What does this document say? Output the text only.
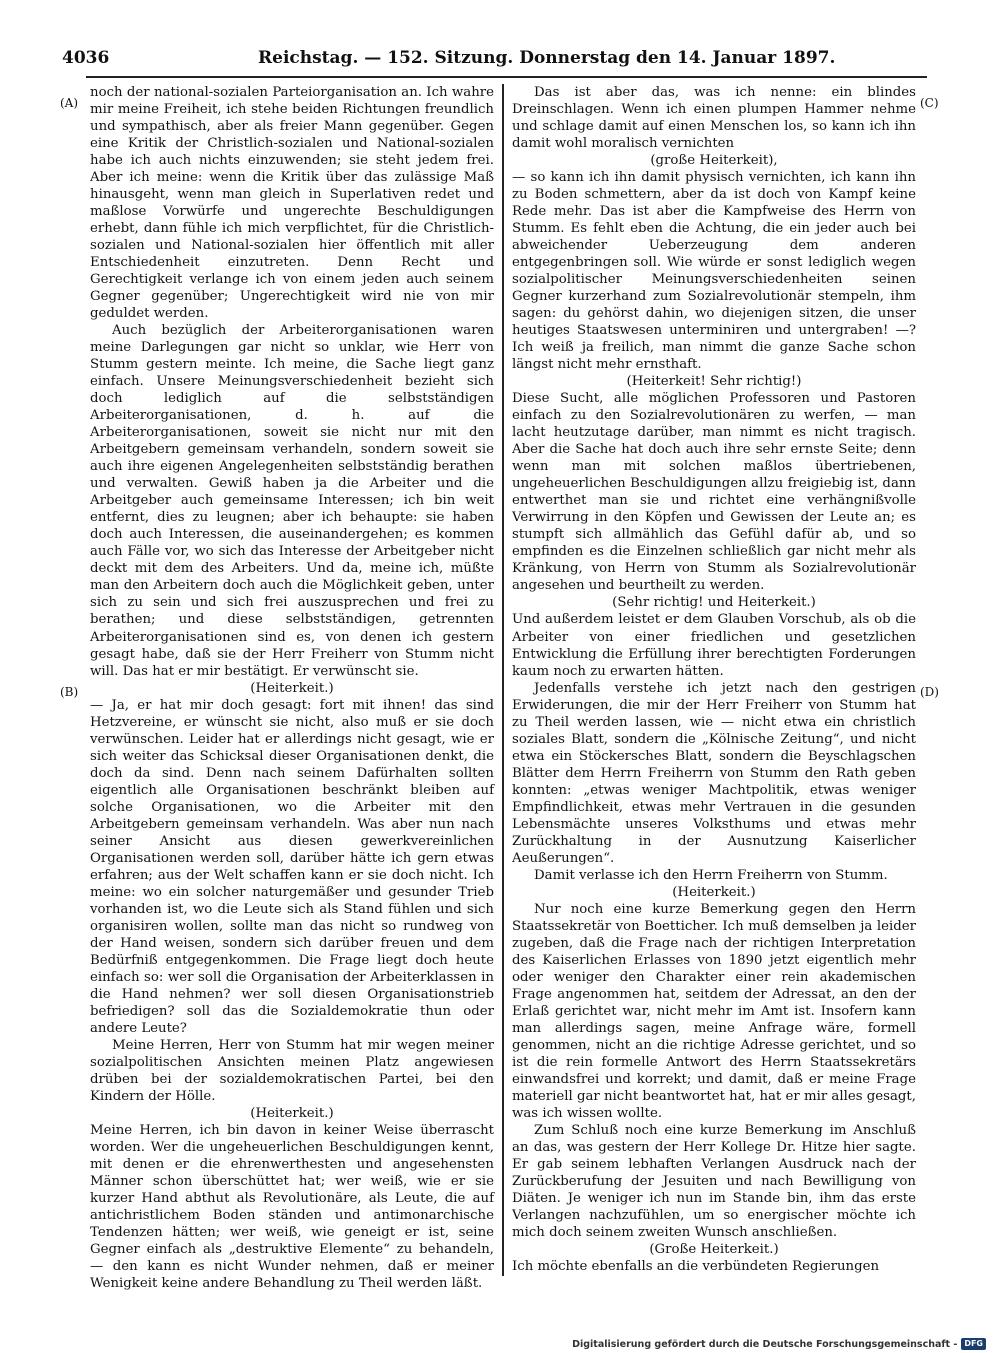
4036	Reichstag. — 152. Sitzung. Donnerstag den 14. Januar 1897.
(A)
(B)
(C)
(D)

noch der national-sozialen Parteiorganisation an. Ich wahre mir meine Freiheit, ich stehe beiden Richtungen freundlich und sympathisch, aber als freier Mann gegenüber. Gegen eine Kritik der Christlich-sozialen und National-sozialen habe ich auch nichts einzuwenden; sie steht jedem frei. Aber ich meine: wenn die Kritik über das zulässige Maß hinausgeht, wenn man gleich in Superlativen redet und maßlose Vorwürfe und ungerechte Beschuldigungen erhebt, dann fühle ich mich verpflichtet, für die Christlich-sozialen und National-sozialen hier öffentlich mit aller Entschiedenheit einzutreten. Denn Recht und Gerechtigkeit verlange ich von einem jeden auch seinem Gegner gegenüber; Ungerechtigkeit wird nie von mir geduldet werden.

Auch bezüglich der Arbeiterorganisationen waren meine Darlegungen gar nicht so unklar, wie Herr von Stumm gestern meinte. Ich meine, die Sache liegt ganz einfach. Unsere Meinungsverschiedenheit bezieht sich doch lediglich auf die selbstständigen Arbeiterorganisationen, d. h. auf die Arbeiterorganisationen, soweit sie nicht nur mit den Arbeitgebern gemeinsam verhandeln, sondern soweit sie auch ihre eigenen Angelegenheiten selbstständig berathen und verwalten. Gewiß haben ja die Arbeiter und die Arbeitgeber auch gemeinsame Interessen; ich bin weit entfernt, dies zu leugnen; aber ich behaupte: sie haben doch auch Interessen, die auseinandergehen; es kommen auch Fälle vor, wo sich das Interesse der Arbeitgeber nicht deckt mit dem des Arbeiters. Und da, meine ich, müßte man den Arbeitern doch auch die Möglichkeit geben, unter sich zu sein und sich frei auszusprechen und frei zu berathen; und diese selbstständigen, getrennten Arbeiterorganisationen sind es, von denen ich gestern gesagt habe, daß sie der Herr Freiherr von Stumm nicht will. Das hat er mir bestätigt. Er verwünscht sie.

(Heiterkeit.)

— Ja, er hat mir doch gesagt: fort mit ihnen! das sind Hetzvereine, er wünscht sie nicht, also muß er sie doch verwünschen. Leider hat er allerdings nicht gesagt, wie er sich weiter das Schicksal dieser Organisationen denkt, die doch da sind. Denn nach seinem Dafürhalten sollten eigentlich alle Organisationen beschränkt bleiben auf solche Organisationen, wo die Arbeiter mit den Arbeitgebern gemeinsam verhandeln. Was aber nun nach seiner Ansicht aus diesen gewerkvereinlichen Organisationen werden soll, darüber hätte ich gern etwas erfahren; aus der Welt schaffen kann er sie doch nicht. Ich meine: wo ein solcher naturgemäßer und gesunder Trieb vorhanden ist, wo die Leute sich als Stand fühlen und sich organisiren wollen, sollte man das nicht so rundweg von der Hand weisen, sondern sich darüber freuen und dem Bedürfniß entgegenkommen. Die Frage liegt doch heute einfach so: wer soll die Organisation der Arbeiterklassen in die Hand nehmen? wer soll diesen Organisationstrieb befriedigen? soll das die Sozialdemokratie thun oder andere Leute?

Meine Herren, Herr von Stumm hat mir wegen meiner sozialpolitischen Ansichten meinen Platz angewiesen drüben bei der sozialdemokratischen Partei, bei den Kindern der Hölle.

(Heiterkeit.)

Meine Herren, ich bin davon in keiner Weise überrascht worden. Wer die ungeheuerlichen Beschuldigungen kennt, mit denen er die ehrenwerthesten und angesehensten Männer schon überschüttet hat; wer weiß, wie er sie kurzer Hand abthut als Revolutionäre, als Leute, die auf antichristlichem Boden ständen und antimonarchische Tendenzen hätten; wer weiß, wie geneigt er ist, seine Gegner einfach als „destruktive Elemente“ zu behandeln, — den kann es nicht Wunder nehmen, daß er meiner Wenigkeit keine andere Behandlung zu Theil werden läßt.

Das ist aber das, was ich nenne: ein blindes Dreinschlagen. Wenn ich einen plumpen Hammer nehme und schlage damit auf einen Menschen los, so kann ich ihn damit wohl moralisch vernichten

(große Heiterkeit),

— so kann ich ihn damit physisch vernichten, ich kann ihn zu Boden schmettern, aber da ist doch von Kampf keine Rede mehr. Das ist aber die Kampfweise des Herrn von Stumm. Es fehlt eben die Achtung, die ein jeder auch bei abweichender Ueberzeugung dem anderen entgegenbringen soll. Wie würde er sonst lediglich wegen sozialpolitischer Meinungsverschiedenheiten seinen Gegner kurzerhand zum Sozialrevolutionär stempeln, ihm sagen: du gehörst dahin, wo diejenigen sitzen, die unser heutiges Staatswesen unterminiren und untergraben! —? Ich weiß ja freilich, man nimmt die ganze Sache schon längst nicht mehr ernsthaft.

(Heiterkeit! Sehr richtig!)

Diese Sucht, alle möglichen Professoren und Pastoren einfach zu den Sozialrevolutionären zu werfen, — man lacht heutzutage darüber, man nimmt es nicht tragisch. Aber die Sache hat doch auch ihre sehr ernste Seite; denn wenn man mit solchen maßlos übertriebenen, ungeheuerlichen Beschuldigungen allzu freigiebig ist, dann entwerthet man sie und richtet eine verhängnißvolle Verwirrung in den Köpfen und Gewissen der Leute an; es stumpft sich allmählich das Gefühl dafür ab, und so empfinden es die Einzelnen schließlich gar nicht mehr als Kränkung, von Herrn von Stumm als Sozialrevolutionär angesehen und beurtheilt zu werden.

(Sehr richtig! und Heiterkeit.)

Und außerdem leistet er dem Glauben Vorschub, als ob die Arbeiter von einer friedlichen und gesetzlichen Entwicklung die Erfüllung ihrer berechtigten Forderungen kaum noch zu erwarten hätten.

Jedenfalls verstehe ich jetzt nach den gestrigen Erwiderungen, die mir der Herr Freiherr von Stumm hat zu Theil werden lassen, wie — nicht etwa ein christlich soziales Blatt, sondern die „Kölnische Zeitung“, und nicht etwa ein Stöckersches Blatt, sondern die Beyschlagschen Blätter dem Herrn Freiherrn von Stumm den Rath geben konnten: „etwas weniger Machtpolitik, etwas weniger Empfindlichkeit, etwas mehr Vertrauen in die gesunden Lebensmächte unseres Volksthums und etwas mehr Zurückhaltung in der Ausnutzung Kaiserlicher Aeußerungen“.

Damit verlasse ich den Herrn Freiherrn von Stumm.

(Heiterkeit.)

Nur noch eine kurze Bemerkung gegen den Herrn Staatssekretär von Boetticher. Ich muß demselben ja leider zugeben, daß die Frage nach der richtigen Interpretation des Kaiserlichen Erlasses von 1890 jetzt eigentlich mehr oder weniger den Charakter einer rein akademischen Frage angenommen hat, seitdem der Adressat, an den der Erlaß gerichtet war, nicht mehr im Amt ist. Insofern kann man allerdings sagen, meine Anfrage wäre, formell genommen, nicht an die richtige Adresse gerichtet, und so ist die rein formelle Antwort des Herrn Staatssekretärs einwandsfrei und korrekt; und damit, daß er meine Frage materiell gar nicht beantwortet hat, hat er mir alles gesagt, was ich wissen wollte.

Zum Schluß noch eine kurze Bemerkung im Anschluß an das, was gestern der Herr Kollege Dr. Hitze hier sagte. Er gab seinem lebhaften Verlangen Ausdruck nach der Zurückberufung der Jesuiten und nach Bewilligung von Diäten. Je weniger ich nun im Stande bin, ihm das erste Verlangen nachzufühlen, um so energischer möchte ich mich doch seinem zweiten Wunsch anschließen.

(Große Heiterkeit.)

Ich möchte ebenfalls an die verbündeten Regierungen

Digitalisierung gefördert durch die Deutsche Forschungsgemeinschaft - DFG
